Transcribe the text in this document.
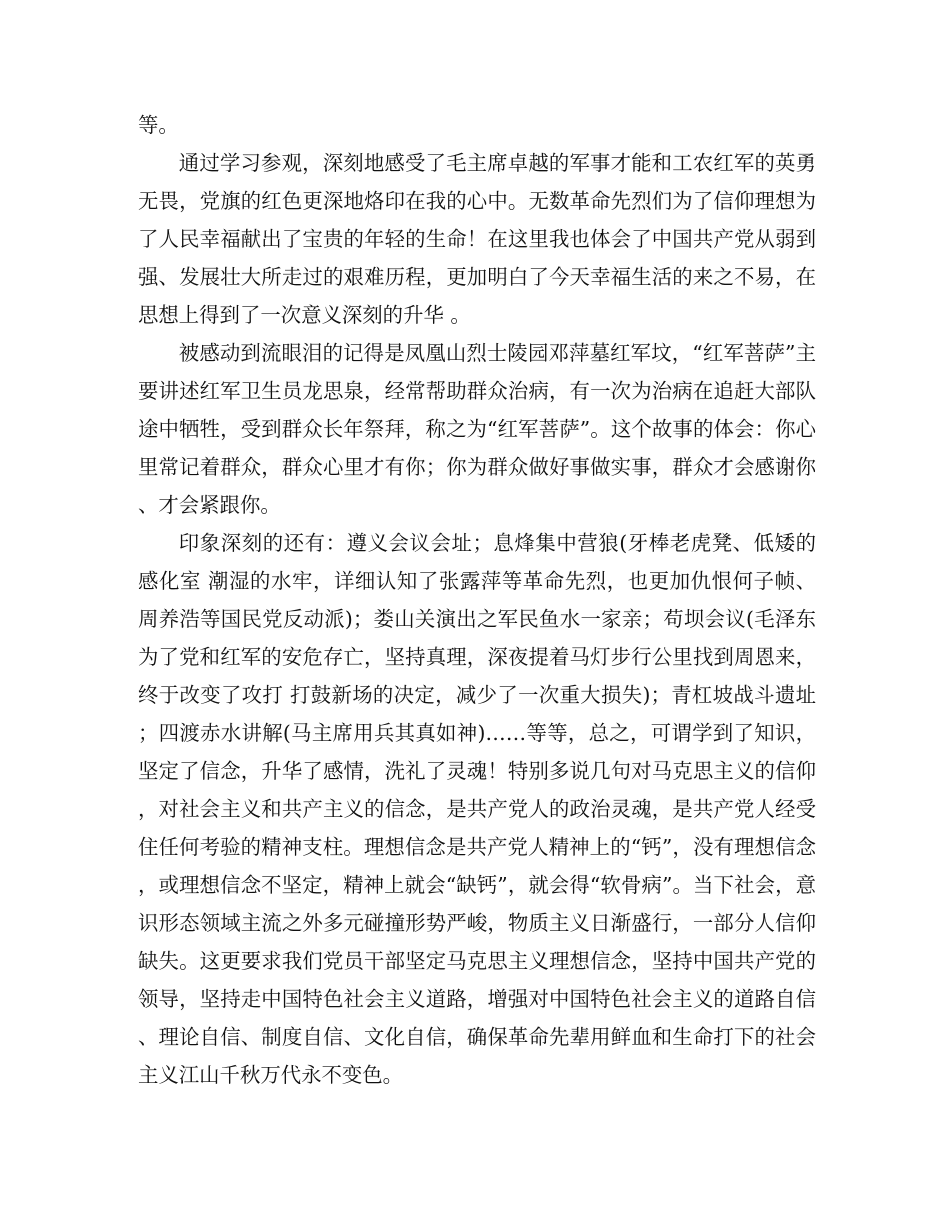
等。

通过学习参观，深刻地感受了毛主席卓越的军事才能和工农红军的英勇无畏，党旗的红色更深地烙印在我的心中。无数革命先烈们为了信仰理想为了人民幸福献出了宝贵的年轻的生命！在这里我也体会了中国共产党从弱到强、发展壮大所走过的艰难历程，更加明白了今天幸福生活的来之不易，在思想上得到了一次意义深刻的升华 。

被感动到流眼泪的记得是凤凰山烈士陵园邓萍墓红军坟，“红军菩萨”主要讲述红军卫生员龙思泉，经常帮助群众治病，有一次为治病在追赶大部队途中牺牲，受到群众长年祭拜，称之为“红军菩萨”。这个故事的体会：你心里常记着群众，群众心里才有你；你为群众做好事做实事，群众才会感谢你、才会紧跟你。

印象深刻的还有：遵义会议会址；息烽集中营狼(牙棒老虎凳、低矮的感化室 潮湿的水牢，详细认知了张露萍等革命先烈，也更加仇恨何子帧、周养浩等国民党反动派)；娄山关演出之军民鱼水一家亲；苟坝会议(毛泽东为了党和红军的安危存亡，坚持真理，深夜提着马灯步行公里找到周恩来，终于改变了攻打 打鼓新场的决定，减少了一次重大损失)；青杠坡战斗遗址；四渡赤水讲解(马主席用兵其真如神)……等等，总之，可谓学到了知识，坚定了信念，升华了感情，洗礼了灵魂！特别多说几句对马克思主义的信仰，对社会主义和共产主义的信念，是共产党人的政治灵魂，是共产党人经受住任何考验的精神支柱。理想信念是共产党人精神上的“钙”，没有理想信念，或理想信念不坚定，精神上就会“缺钙”，就会得“软骨病”。当下社会，意识形态领域主流之外多元碰撞形势严峻，物质主义日渐盛行，一部分人信仰缺失。这更要求我们党员干部坚定马克思主义理想信念，坚持中国共产党的领导，坚持走中国特色社会主义道路，增强对中国特色社会主义的道路自信、理论自信、制度自信、文化自信，确保革命先辈用鲜血和生命打下的社会主义江山千秋万代永不变色。
